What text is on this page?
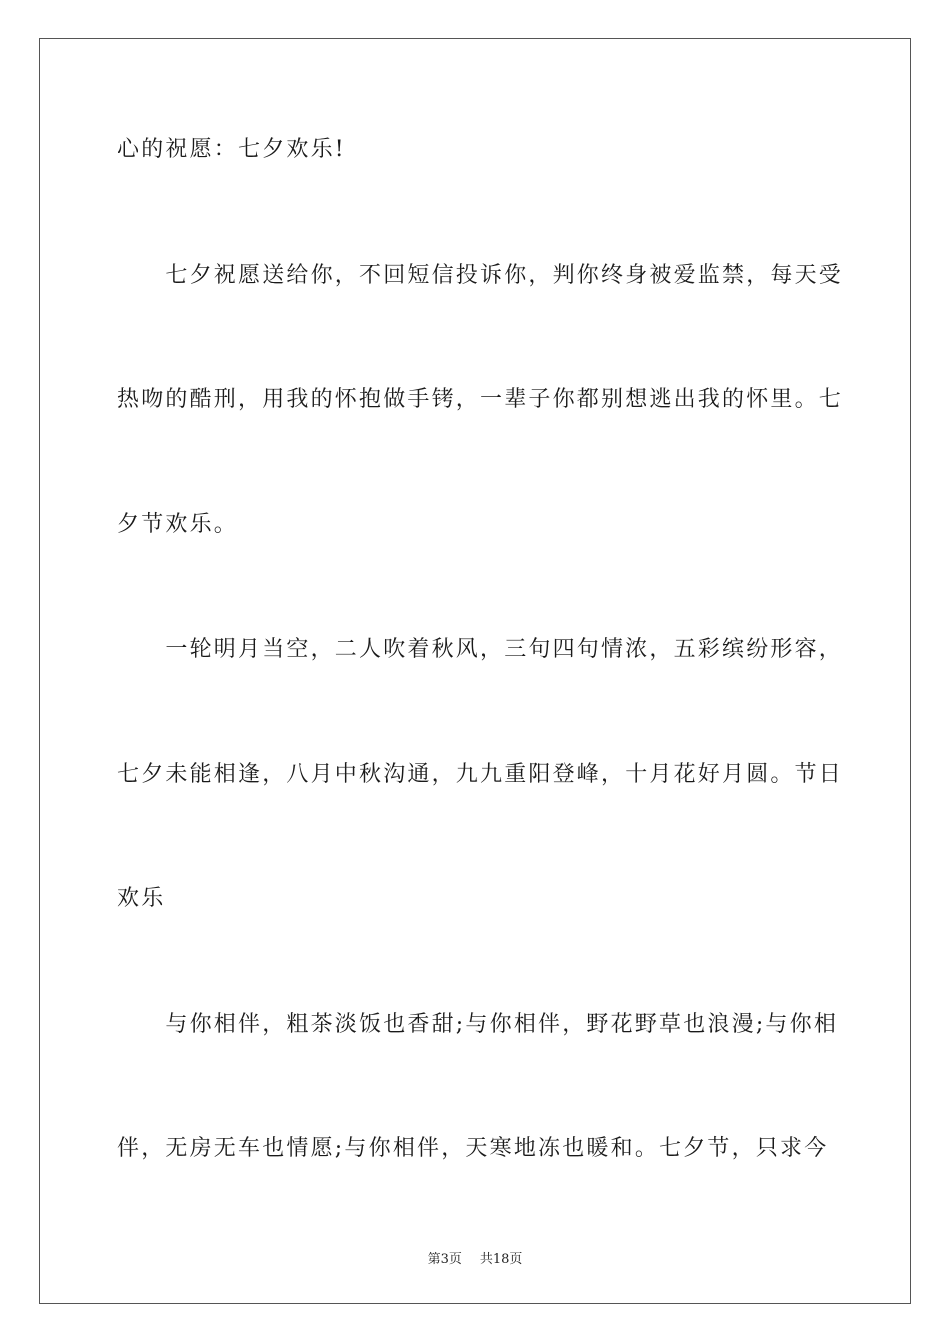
心的祝愿：七夕欢乐!
　　七夕祝愿送给你，不回短信投诉你，判你终身被爱监禁，每天受
热吻的酷刑，用我的怀抱做手铐，一辈子你都别想逃出我的怀里。七
夕节欢乐。
　　一轮明月当空，二人吹着秋风，三句四句情浓，五彩缤纷形容，
七夕未能相逢，八月中秋沟通，九九重阳登峰，十月花好月圆。节日
欢乐
　　与你相伴，粗茶淡饭也香甜;与你相伴，野花野草也浪漫;与你相
伴，无房无车也情愿;与你相伴，天寒地冻也暖和。七夕节，只求今
第3页 共18页
